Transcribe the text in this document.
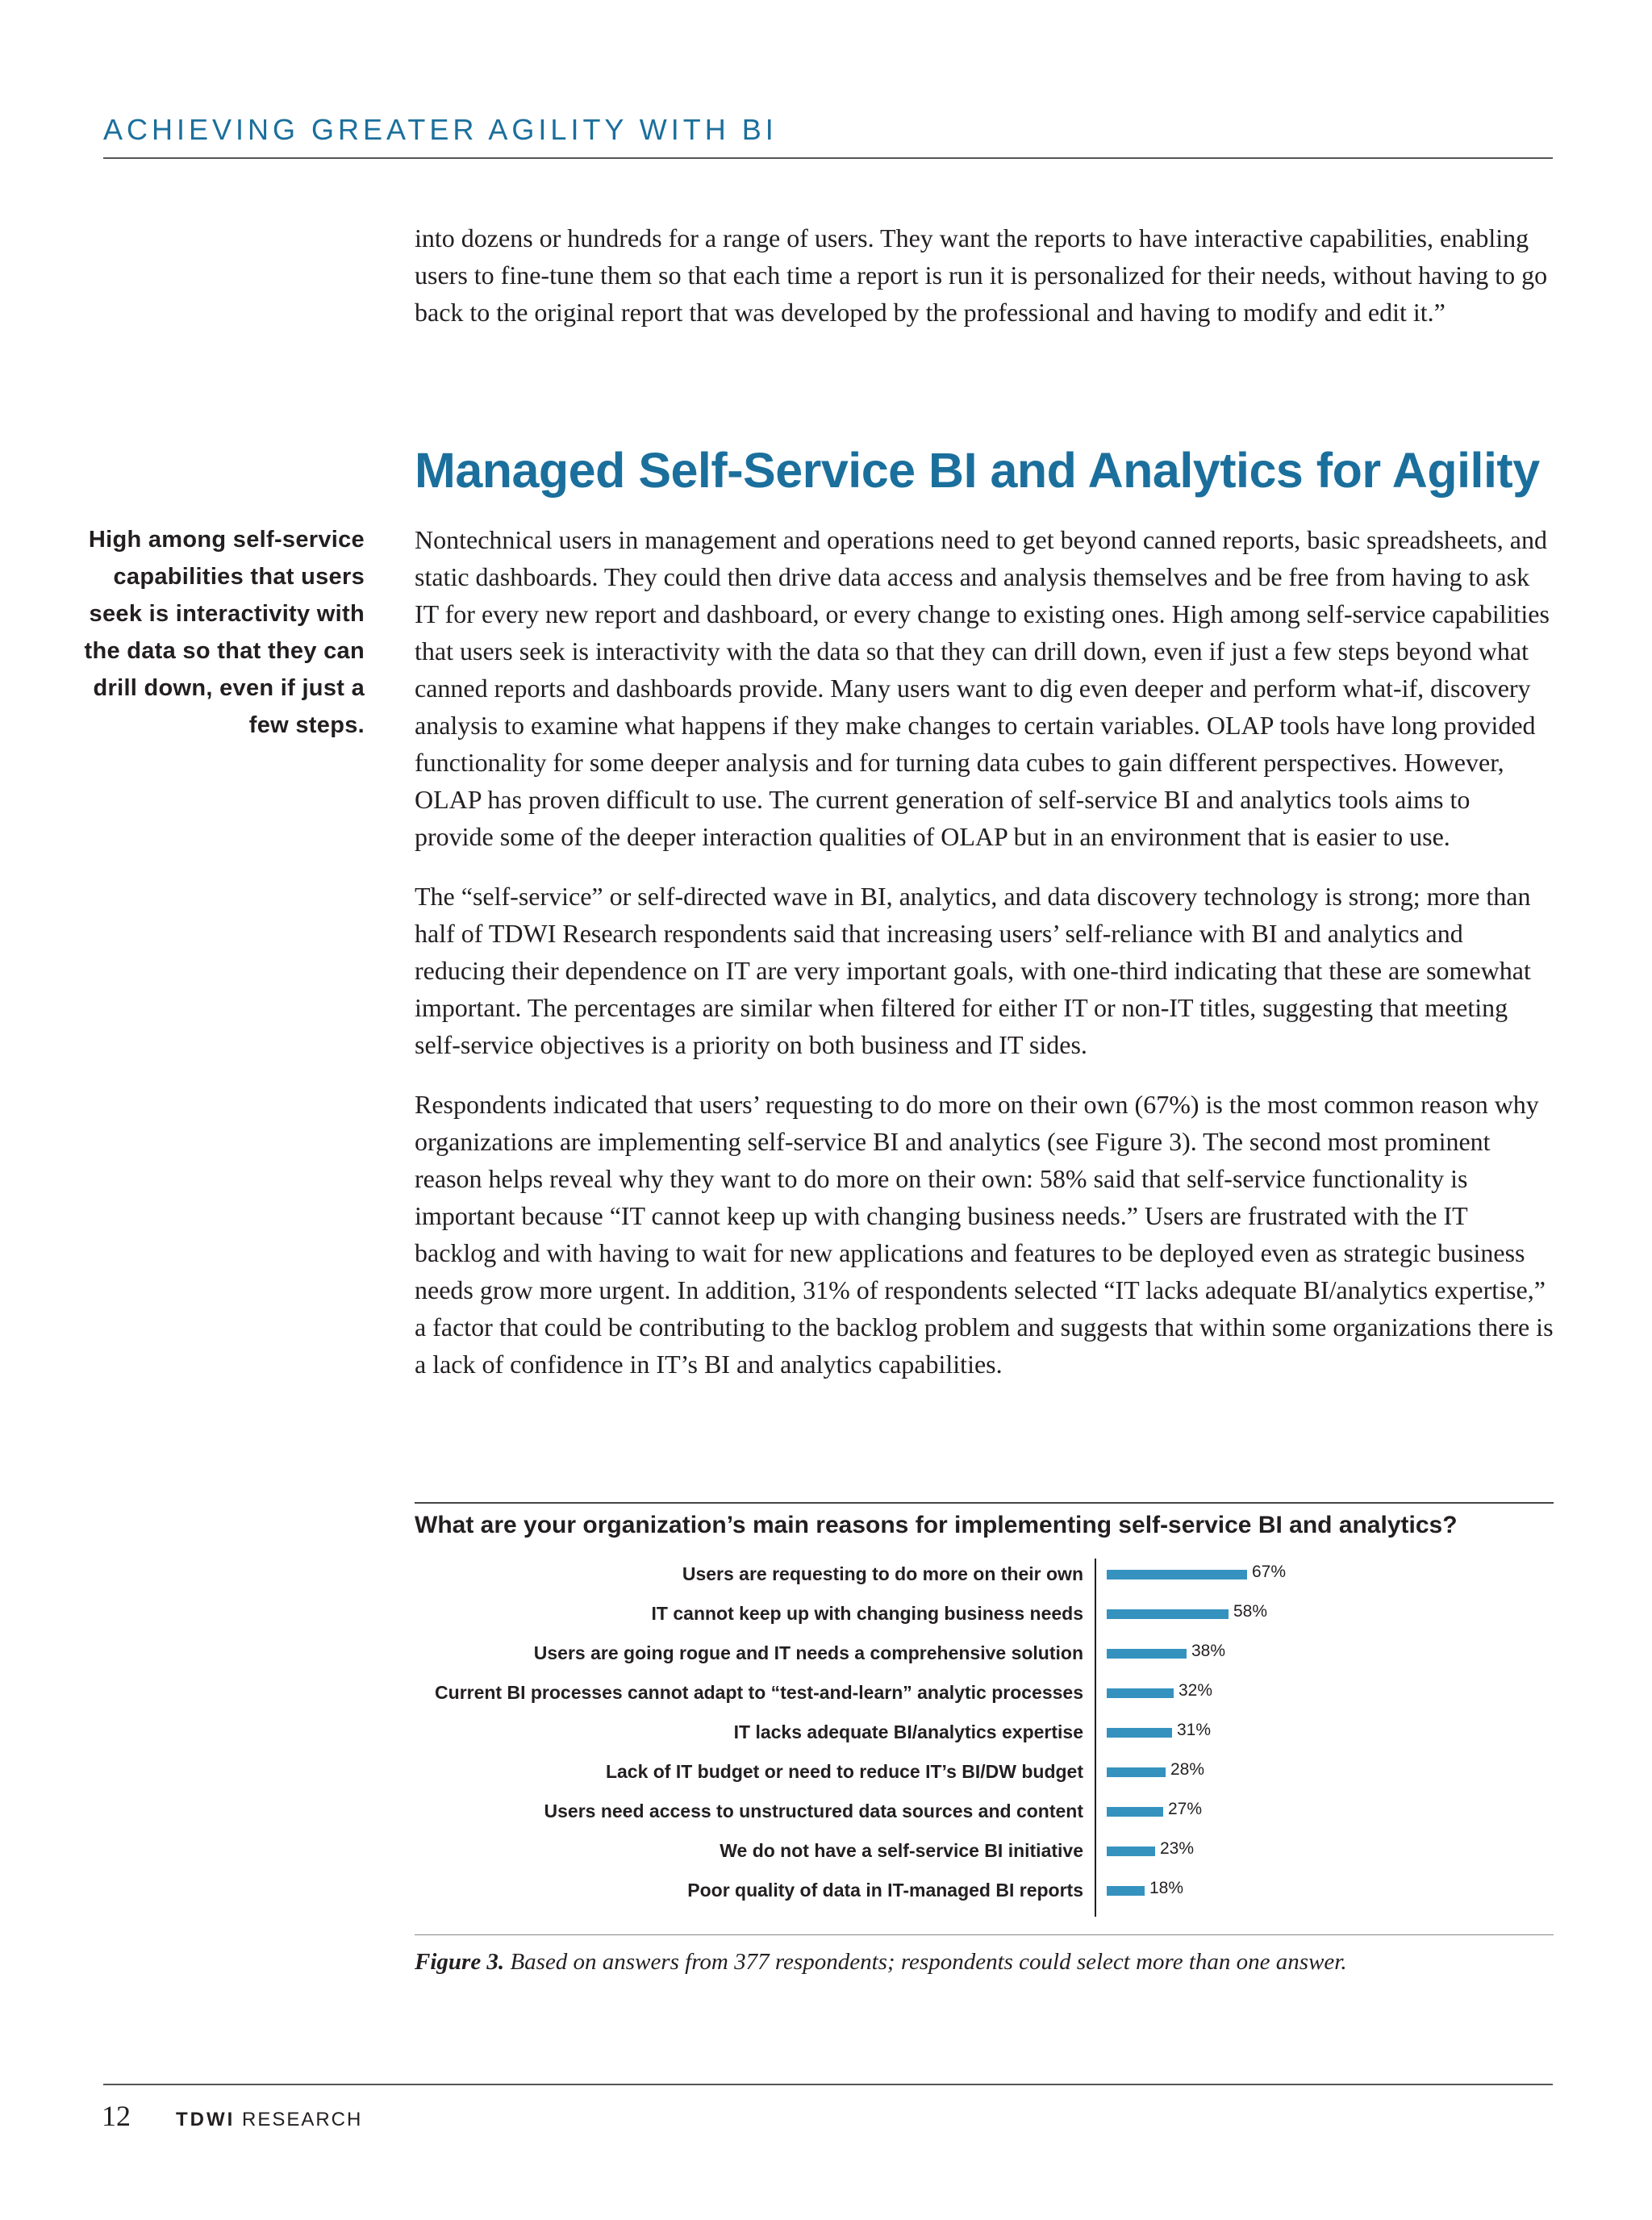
ACHIEVING GREATER AGILITY WITH BI

into dozens or hundreds for a range of users. They want the reports to have interactive capabilities, enabling users to fine-tune them so that each time a report is run it is personalized for their needs, without having to go back to the original report that was developed by the professional and having to modify and edit it.”

Managed Self-Service BI and Analytics for Agility
High among self-service capabilities that users seek is interactivity with the data so that they can drill down, even if just a few steps.

Nontechnical users in management and operations need to get beyond canned reports, basic spreadsheets, and static dashboards. They could then drive data access and analysis themselves and be free from having to ask IT for every new report and dashboard, or every change to existing ones. High among self-service capabilities that users seek is interactivity with the data so that they can drill down, even if just a few steps beyond what canned reports and dashboards provide. Many users want to dig even deeper and perform what-if, discovery analysis to examine what happens if they make changes to certain variables. OLAP tools have long provided functionality for some deeper analysis and for turning data cubes to gain different perspectives. However, OLAP has proven difficult to use. The current generation of self-service BI and analytics tools aims to provide some of the deeper interaction qualities of OLAP but in an environment that is easier to use.

The “self-service” or self-directed wave in BI, analytics, and data discovery technology is strong; more than half of TDWI Research respondents said that increasing users’ self-reliance with BI and analytics and reducing their dependence on IT are very important goals, with one-third indicating that these are somewhat important. The percentages are similar when filtered for either IT or non-IT titles, suggesting that meeting self-service objectives is a priority on both business and IT sides.

Respondents indicated that users’ requesting to do more on their own (67%) is the most common reason why organizations are implementing self-service BI and analytics (see Figure 3). The second most prominent reason helps reveal why they want to do more on their own: 58% said that self-service functionality is important because “IT cannot keep up with changing business needs.” Users are frustrated with the IT backlog and with having to wait for new applications and features to be deployed even as strategic business needs grow more urgent. In addition, 31% of respondents selected “IT lacks adequate BI/analytics expertise,” a factor that could be contributing to the backlog problem and suggests that within some organizations there is a lack of confidence in IT’s BI and analytics capabilities.

What are your organization’s main reasons for implementing self-service BI and analytics?
Users are requesting to do more on their own	67%
IT cannot keep up with changing business needs	58%
Users are going rogue and IT needs a comprehensive solution	38%
Current BI processes cannot adapt to “test-and-learn” analytic processes	32%
IT lacks adequate BI/analytics expertise	31%
Lack of IT budget or need to reduce IT’s BI/DW budget	28%
Users need access to unstructured data sources and content	27%
We do not have a self-service BI initiative	23%
Poor quality of data in IT-managed BI reports	18%
Figure 3. Based on answers from 377 respondents; respondents could select more than one answer.
12 TDWI RESEARCH
